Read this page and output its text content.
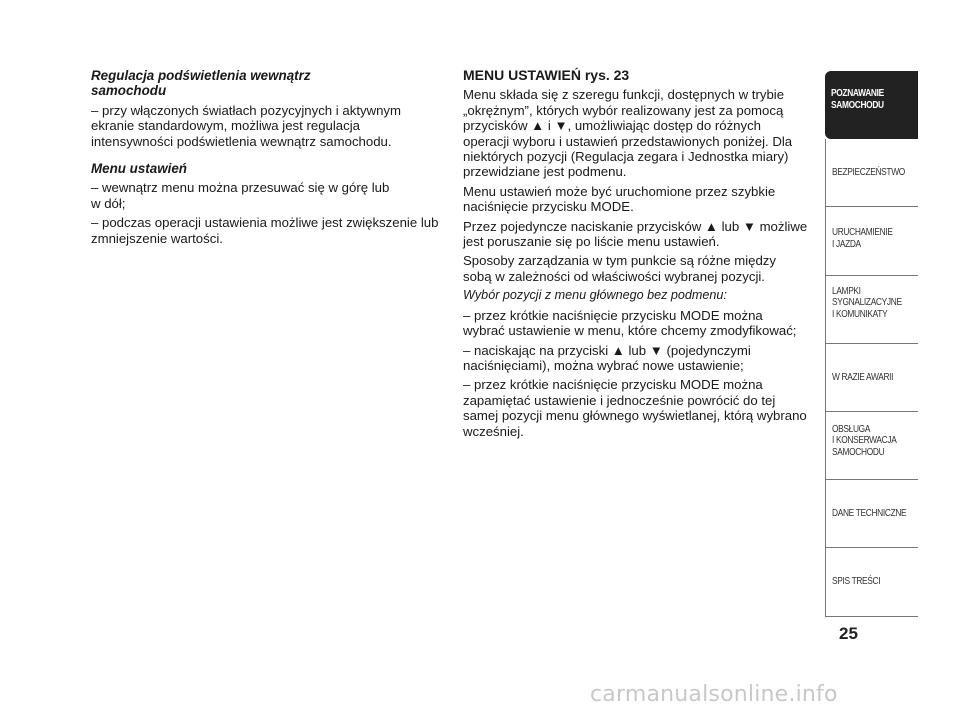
Regulacja podświetlenia wewnątrz
samochodu

– przy włączonych światłach pozycyjnych i aktywnym ekranie standardowym, możliwa jest regulacja intensywności podświetlenia wewnątrz samochodu.

Menu ustawień

– wewnątrz menu można przesuwać się w górę lub
w dół;

– podczas operacji ustawienia możliwe jest zwiększenie lub zmniejszenie wartości.

MENU USTAWIEŃ rys. 23

Menu składa się z szeregu funkcji, dostępnych w trybie „okrężnym”, których wybór realizowany jest za pomocą przycisków ▲ i ▼, umożliwiając dostęp do różnych operacji wyboru i ustawień przedstawionych poniżej. Dla niektórych pozycji (Regulacja zegara i Jednostka miary) przewidziane jest podmenu.

Menu ustawień może być uruchomione przez szybkie naciśnięcie przycisku MODE.

Przez pojedyncze naciskanie przycisków ▲ lub ▼ możliwe jest poruszanie się po liście menu ustawień.

Sposoby zarządzania w tym punkcie są różne między sobą w zależności od właściwości wybranej pozycji.

Wybór pozycji z menu głównego bez podmenu:

– przez krótkie naciśnięcie przycisku MODE można wybrać ustawienie w menu, które chcemy zmodyfikować;

– naciskając na przyciski ▲ lub ▼ (pojedynczymi naciśnięciami), można wybrać nowe ustawienie;

– przez krótkie naciśnięcie przycisku MODE można zapamiętać ustawienie i jednocześnie powrócić do tej samej pozycji menu głównego wyświetlanej, którą wybrano wcześniej.

POZNAWANIE
SAMOCHODU
BEZPIECZEŃSTWO
URUCHAMIENIE
I JAZDA
LAMPKI
SYGNALIZACYJNE
I KOMUNIKATY
W RAZIE AWARII
OBSŁUGA
I KONSERWACJA
SAMOCHODU
DANE TECHNICZNE
SPIS TREŚCI
25
carmanualsonline.info
